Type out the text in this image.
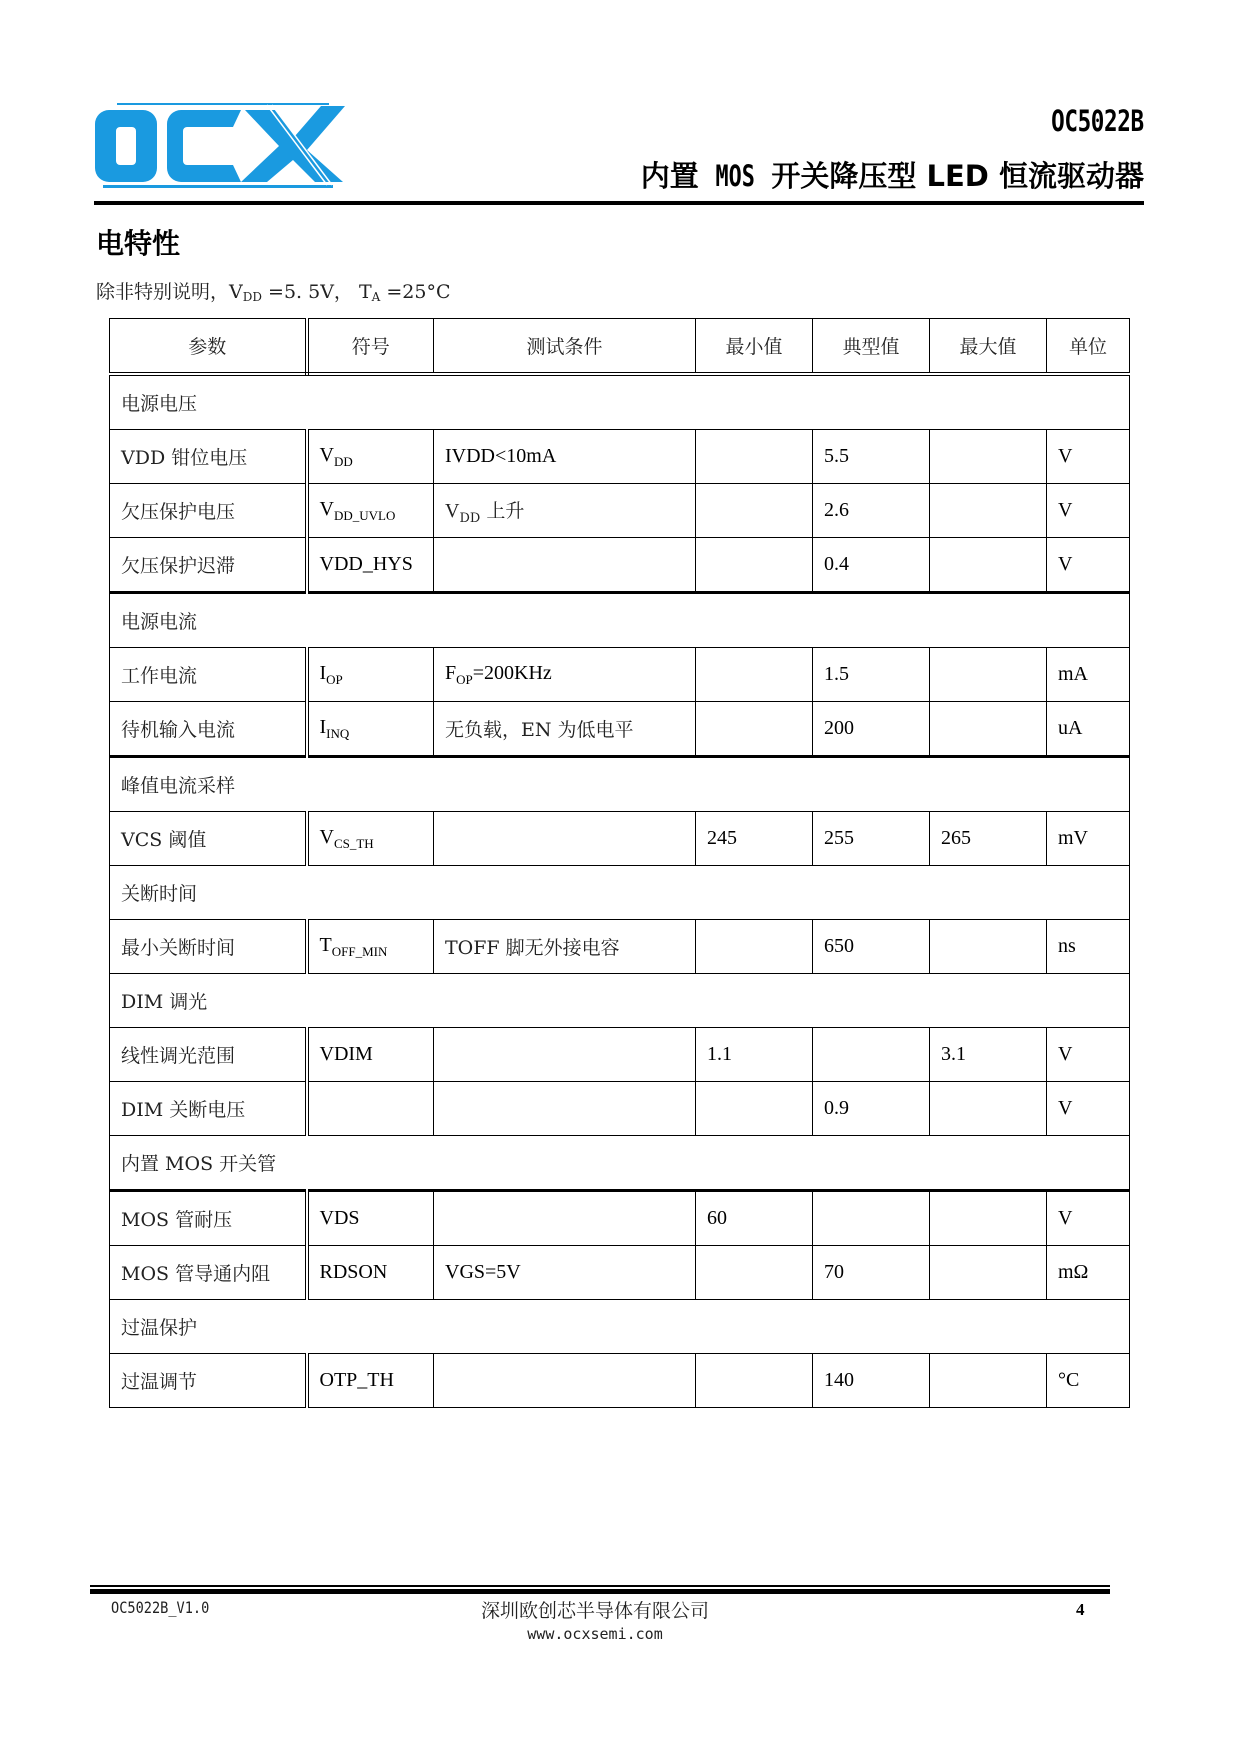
OC5022B
内置 MOS 开关降压型 LED 恒流驱动器
电特性
除非特别说明，$V_{DD} =5$. 5V， $T_A =25^\circ C$
参数	符号	测试条件	最小值	典型值	最大值	单位
电源电压						
VDD 钳位电压	$V_{DD}$	IVDD<10mA		5.5		V
欠压保护电压	$V_{DD\_UVLO}$	$V_{DD}$ 上升		2.6		V
欠压保护迟滞	VDD_HYS			0.4		V
电源电流						
工作电流	$I_{OP}$	$F_{OP}=200KHz$		1.5		mA
待机输入电流	$I_{INQ}$	无负载，EN 为低电平		200		uA
峰值电流采样						
VCS 阈值	$V_{CS\_TH}$		245	255	265	mV
关断时间						
最小关断时间	$T_{OFF\_MIN}$	TOFF 脚无外接电容		650		ns
DIM 调光						
线性调光范围	VDIM		1.1		3.1	V
DIM 关断电压				0.9		V
内置 MOS 开关管						
MOS 管耐压	VDS		60			V
MOS 管导通内阻	RDSON	VGS=5V		70		mΩ
过温保护						
过温调节	OTP_TH			140		°C
OC5022B_V1.0	深圳欧创芯半导体有限公司
www.ocxsemi.com
4
